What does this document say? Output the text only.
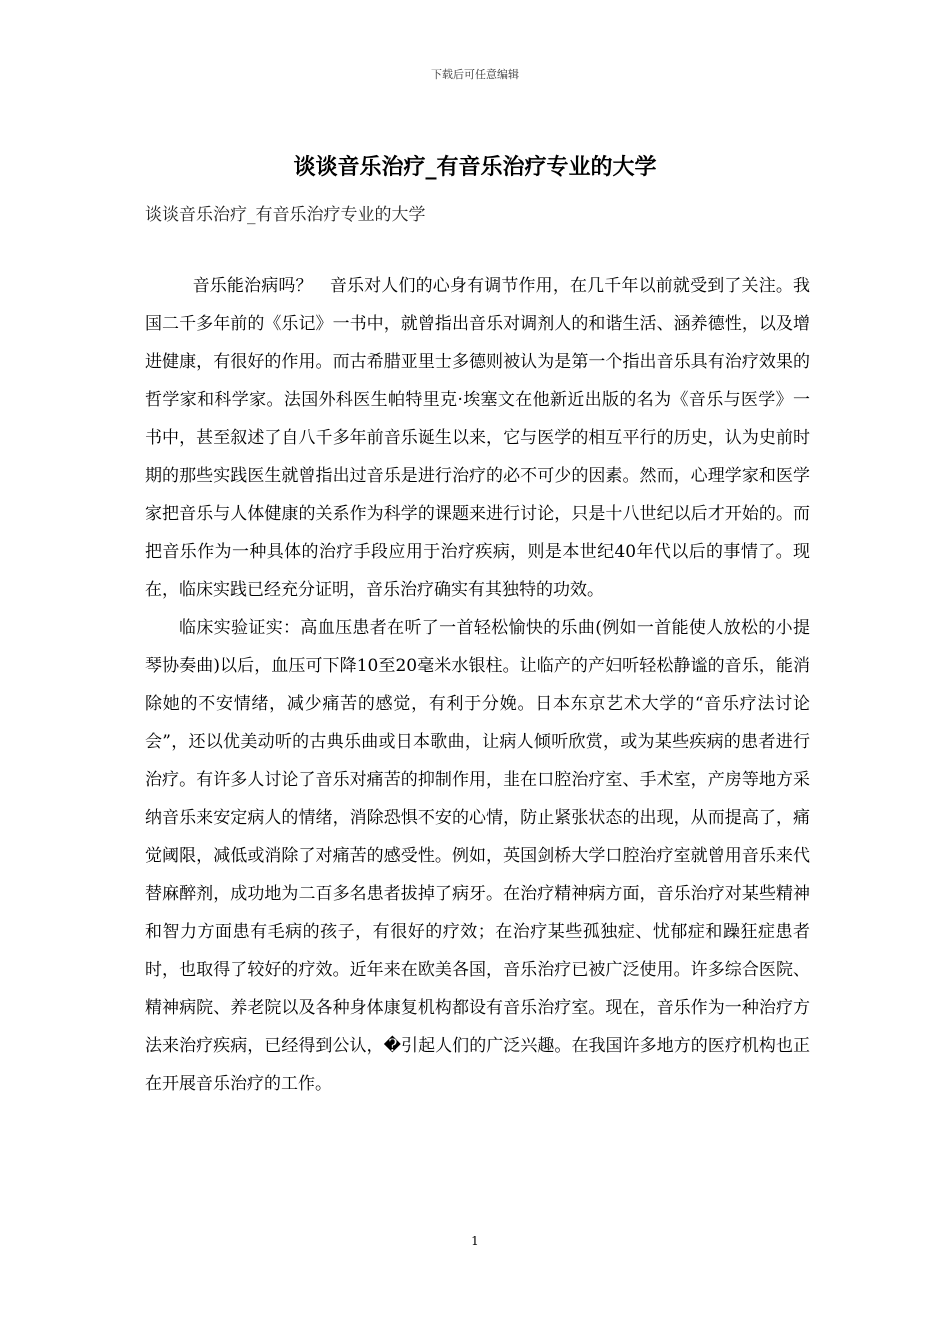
下载后可任意编辑
谈谈音乐治疗_有音乐治疗专业的大学
谈谈音乐治疗_有音乐治疗专业的大学

音乐能治病吗？　音乐对人们的心身有调节作用，在几千年以前就受到了关注。我国二千多年前的《乐记》一书中，就曾指出音乐对调剂人的和谐生活、涵养德性，以及增进健康，有很好的作用。而古希腊亚里士多德则被认为是第一个指出音乐具有治疗效果的哲学家和科学家。法国外科医生帕特里克·埃塞文在他新近出版的名为《音乐与医学》一书中，甚至叙述了自八千多年前音乐诞生以来，它与医学的相互平行的历史，认为史前时期的那些实践医生就曾指出过音乐是进行治疗的必不可少的因素。然而，心理学家和医学家把音乐与人体健康的关系作为科学的课题来进行讨论，只是十八世纪以后才开始的。而把音乐作为一种具体的治疗手段应用于治疗疾病，则是本世纪40年代以后的事情了。现在，临床实践已经充分证明，音乐治疗确实有其独特的功效。

临床实验证实：高血压患者在听了一首轻松愉快的乐曲(例如一首能使人放松的小提琴协奏曲)以后，血压可下降10至20毫米水银柱。让临产的产妇听轻松静谧的音乐，能消除她的不安情绪，减少痛苦的感觉，有利于分娩。日本东京艺术大学的“音乐疗法讨论会”，还以优美动听的古典乐曲或日本歌曲，让病人倾听欣赏，或为某些疾病的患者进行治疗。有许多人讨论了音乐对痛苦的抑制作用，韭在口腔治疗室、手术室，产房等地方采纳音乐来安定病人的情绪，消除恐惧不安的心情，防止紧张状态的出现，从而提高了，痛觉阈限，减低或消除了对痛苦的感受性。例如，英国剑桥大学口腔治疗室就曾用音乐来代替麻醉剂，成功地为二百多名患者拔掉了病牙。在治疗精神病方面，音乐治疗对某些精神和智力方面患有毛病的孩子，有很好的疗效；在治疗某些孤独症、忧郁症和躁狂症患者时，也取得了较好的疗效。近年来在欧美各国，音乐治疗已被广泛使用。许多综合医院、精神病院、养老院以及各种身体康复机构都设有音乐治疗室。现在，音乐作为一种治疗方法来治疗疾病，已经得到公认，�引起人们的广泛兴趣。在我国许多地方的医疗机构也正在开展音乐治疗的工作。

1
